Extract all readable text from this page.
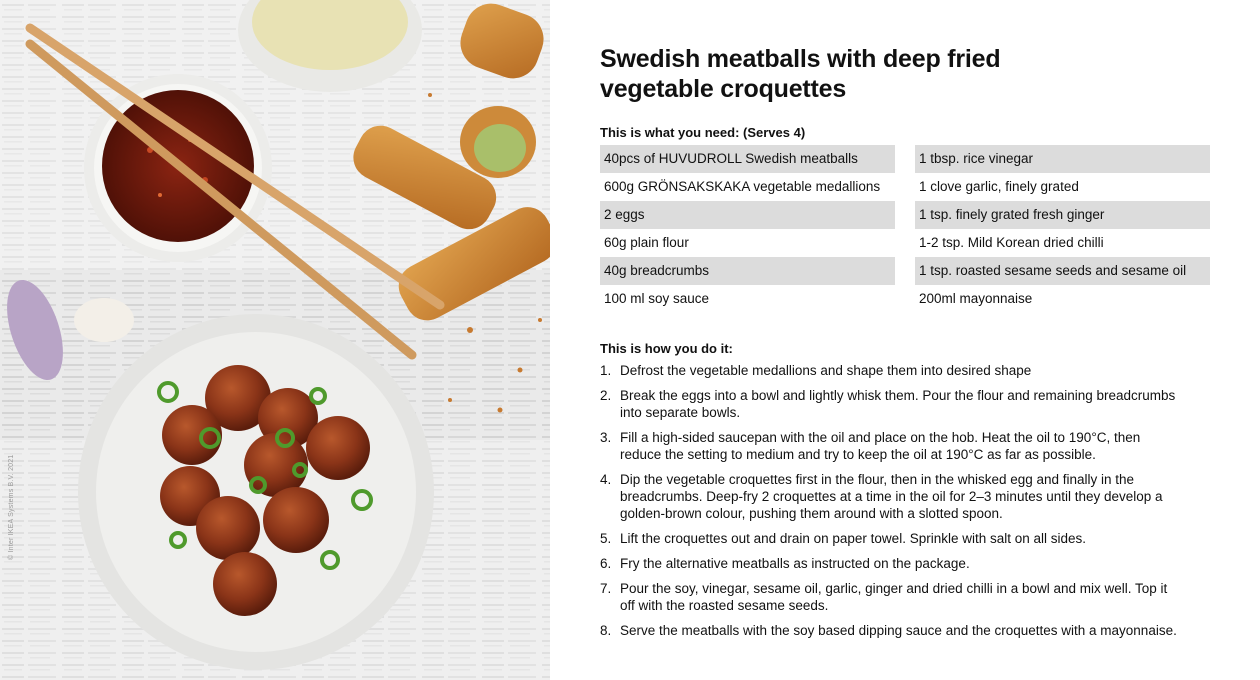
© Inter IKEA Systems B.V. 2021
Swedish meatballs with deep fried vegetable croquettes

This is what you need: (Serves 4)

40pcs of HUVUDROLL Swedish meatballs	1 tbsp. rice vinegar
600g GRÖNSAKSKAKA vegetable medallions	1 clove garlic, finely grated
2 eggs	1 tsp. finely grated fresh ginger
60g plain flour	1-2 tsp. Mild Korean dried chilli
40g breadcrumbs	1 tsp. roasted sesame seeds and sesame oil
100 ml soy sauce	200ml mayonnaise

This is how you do it:

1. Defrost the vegetable medallions and shape them into desired shape
2. Break the eggs into a bowl and lightly whisk them. Pour the flour and remaining breadcrumbs into separate bowls.
3. Fill a high-sided saucepan with the oil and place on the hob. Heat the oil to 190°C, then reduce the setting to medium and try to keep the oil at 190°C as far as possible.
4. Dip the vegetable croquettes first in the flour, then in the whisked egg and finally in the breadcrumbs. Deep-fry 2 croquettes at a time in the oil for 2–3 minutes until they develop a golden-brown colour, pushing them around with a slotted spoon.
5. Lift the croquettes out and drain on paper towel. Sprinkle with salt on all sides.
6. Fry the alternative meatballs as instructed on the package.
7. Pour the soy, vinegar, sesame oil, garlic, ginger and dried chilli in a bowl and mix well. Top it off with the roasted sesame seeds.
8. Serve the meatballs with the soy based dipping sauce and the croquettes with a mayonnaise.
